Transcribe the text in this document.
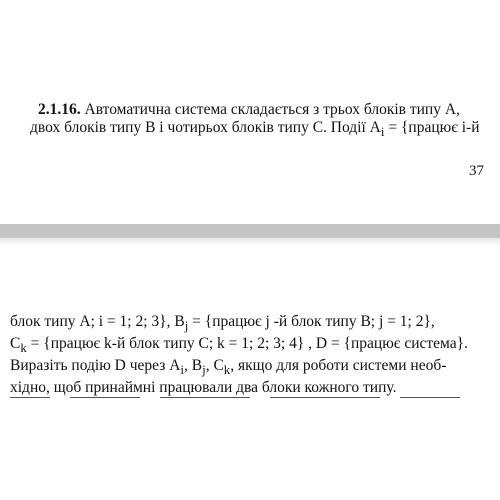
2.1.16. Автоматична система складається з трьох блоків типу А,
двох блоків типу В і чотирьох блоків типу С. Події $A_i$ = {працює i-й
37
блок типу А; i = 1; 2; 3}, $B_j$ = {працює j -й блок типу В; j = 1; 2},
$C_k$ = {працює k-й блок типу С; k = 1; 2; 3; 4} , D = {працює система}.
Виразіть подію D через $A_i$, $B_j$, $C_k$, якщо для роботи системи необ-
хідно, щоб принаймні працювали два блоки кожного типу.
